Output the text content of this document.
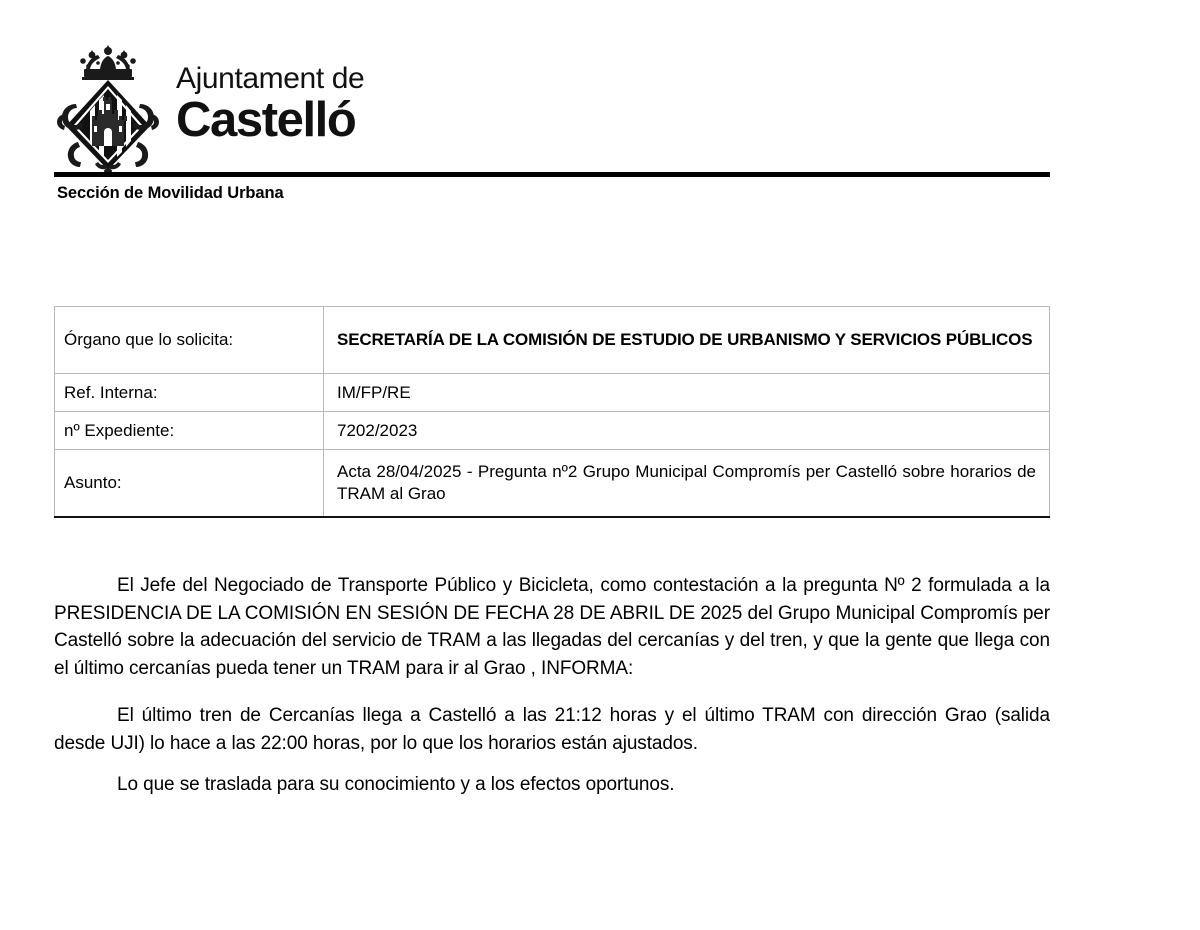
Ajuntament de
Castelló
Sección de Movilidad Urbana
Órgano que lo solicita:	SECRETARÍA DE LA COMISIÓN DE ESTUDIO DE URBANISMO Y SERVICIOS PÚBLICOS
Ref. Interna:	IM/FP/RE
nº Expediente:	7202/2023
Asunto:	Acta 28/04/2025 - Pregunta nº2 Grupo Municipal Compromís per Castelló sobre horarios de TRAM al Grao

El Jefe del Negociado de Transporte Público y Bicicleta, como contestación a la pregunta Nº 2 formulada a la PRESIDENCIA DE LA COMISIÓN EN SESIÓN DE FECHA 28 DE ABRIL DE 2025 del Grupo Municipal Compromís per Castelló sobre la adecuación del servicio de TRAM a las llegadas del cercanías y del tren, y que la gente que llega con el último cercanías pueda tener un TRAM para ir al Grao , INFORMA:

El último tren de Cercanías llega a Castelló a las 21:12 horas y el último TRAM con dirección Grao (salida desde UJI) lo hace a las 22:00 horas, por lo que los horarios están ajustados.

Lo que se traslada para su conocimiento y a los efectos oportunos.
